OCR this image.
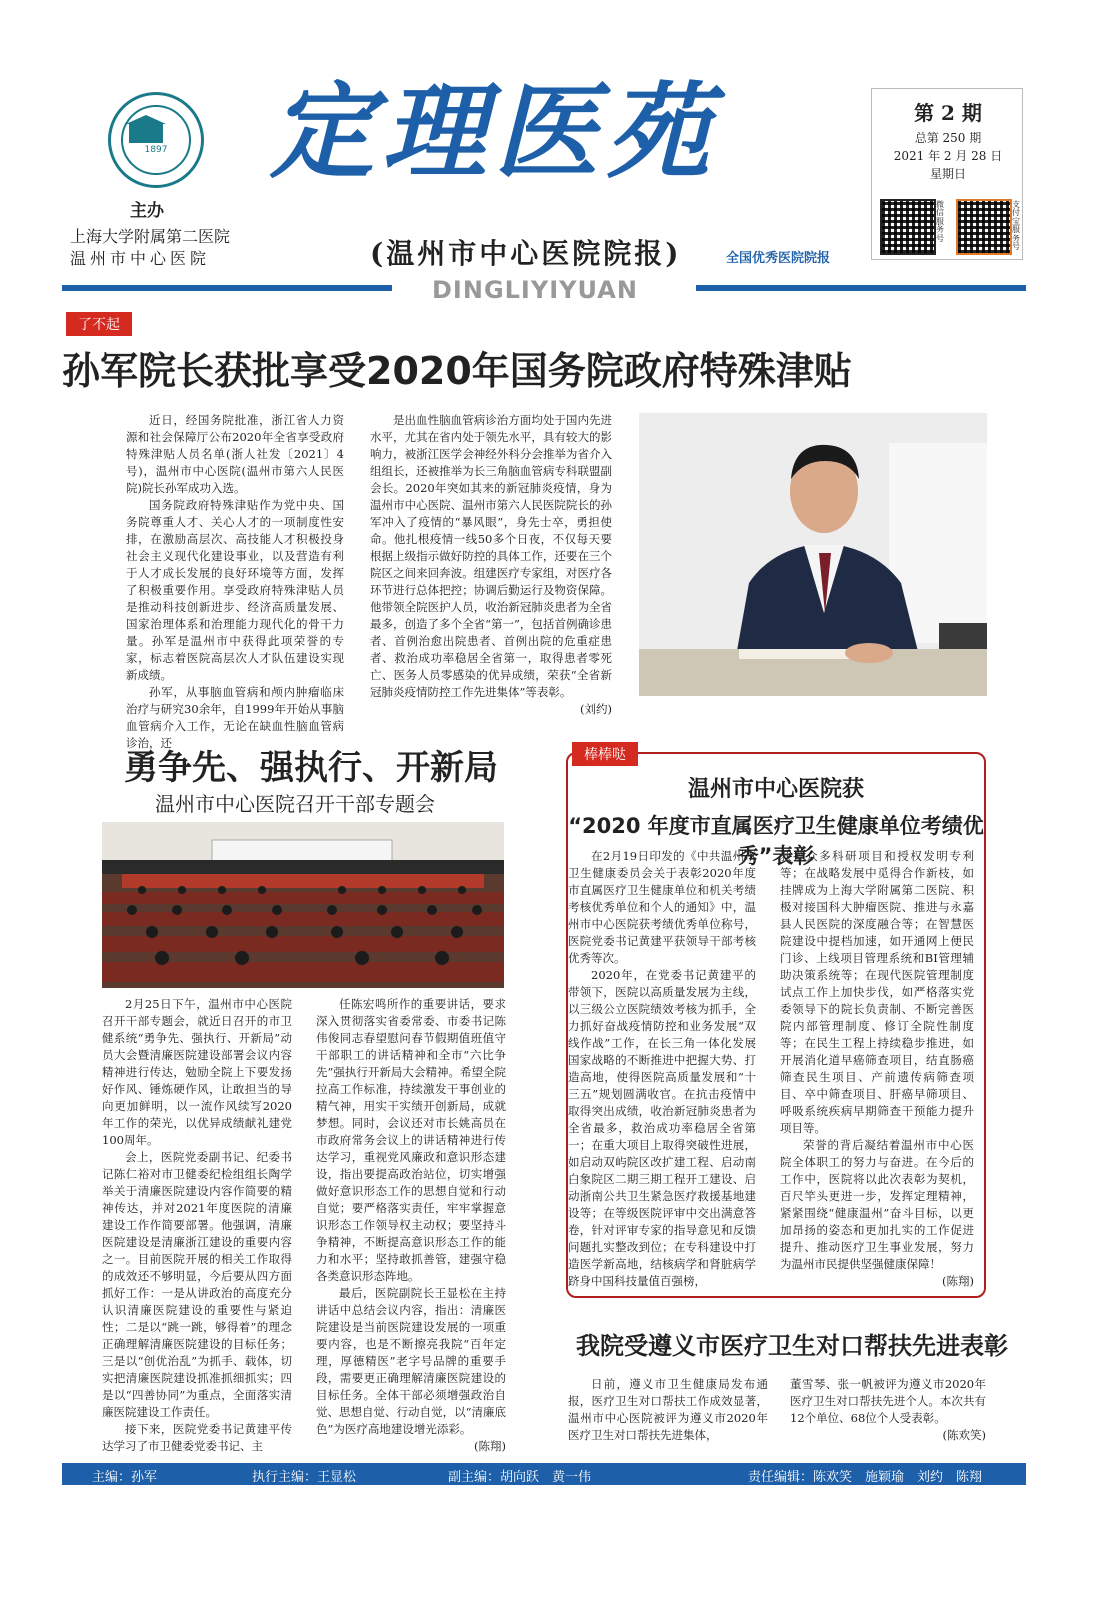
1897
主办
上海大学附属第二医院
温州市中心医院
定理医苑
(温州市中心医院院报)	全国优秀医院院报
DINGLIYIYUAN
第 2 期
总第 250 期
2021 年 2 月 28 日
星期日
微信服务号
支付宝服务号
了不起
孙军院长获批享受2020年国务院政府特殊津贴

近日，经国务院批准，浙江省人力资源和社会保障厅公布2020年全省享受政府特殊津贴人员名单(浙人社发〔2021〕4号)，温州市中心医院(温州市第六人民医院)院长孙军成功入选。

国务院政府特殊津贴作为党中央、国务院尊重人才、关心人才的一项制度性安排，在激励高层次、高技能人才积极投身社会主义现代化建设事业，以及营造有利于人才成长发展的良好环境等方面，发挥了积极重要作用。享受政府特殊津贴人员是推动科技创新进步、经济高质量发展、国家治理体系和治理能力现代化的骨干力量。孙军是温州市中获得此项荣誉的专家，标志着医院高层次人才队伍建设实现新成绩。

孙军，从事脑血管病和颅内肿瘤临床治疗与研究30余年，自1999年开始从事脑血管病介入工作，无论在缺血性脑血管病诊治，还

是出血性脑血管病诊治方面均处于国内先进水平，尤其在省内处于领先水平，具有较大的影响力，被浙江医学会神经外科分会推举为省介入组组长，还被推举为长三角脑血管病专科联盟副会长。2020年突如其来的新冠肺炎疫情，身为温州市中心医院、温州市第六人民医院院长的孙军冲入了疫情的“暴风眼”，身先士卒，勇担使命。他扎根疫情一线50多个日夜，不仅每天要根据上级指示做好防控的具体工作，还要在三个院区之间来回奔波。组建医疗专家组，对医疗各环节进行总体把控；协调后勤运行及物资保障。他带领全院医护人员，收治新冠肺炎患者为全省最多，创造了多个全省“第一”，包括首例确诊患者、首例治愈出院患者、首例出院的危重症患者、救治成功率稳居全省第一，取得患者零死亡、医务人员零感染的优异成绩，荣获“全省新冠肺炎疫情防控工作先进集体”等表彰。

(刘约)
勇争先、强执行、开新局
温州市中心医院召开干部专题会

2月25日下午，温州市中心医院召开干部专题会，就近日召开的市卫健系统“勇争先、强执行、开新局”动员大会暨清廉医院建设部署会议内容精神进行传达，勉励全院上下要发扬好作风、锤炼硬作风，让敢担当的导向更加鲜明，以一流作风续写2020年工作的荣光，以优异成绩献礼建党100周年。

会上，医院党委副书记、纪委书记陈仁裕对市卫健委纪检组组长陶学举关于清廉医院建设内容作简要的精神传达，并对2021年度医院的清廉建设工作作简要部署。他强调，清廉医院建设是清廉浙江建设的重要内容之一。目前医院开展的相关工作取得的成效还不够明显，今后要从四方面抓好工作：一是从讲政治的高度充分认识清廉医院建设的重要性与紧迫性；二是以“跳一跳，够得着”的理念正确理解清廉医院建设的目标任务；三是以“创优治乱”为抓手、载体，切实把清廉医院建设抓准抓细抓实；四是以“四善协同”为重点，全面落实清廉医院建设工作责任。

接下来，医院党委书记黄建平传达学习了市卫健委党委书记、主

任陈宏鸣所作的重要讲话，要求深入贯彻落实省委常委、市委书记陈伟俊同志春望慰问春节假期值班值守干部职工的讲话精神和全市“六比争先”强执行开新局大会精神。希望全院拉高工作标准，持续激发干事创业的精气神，用实干实绩开创新局，成就梦想。同时，会议还对市长姚高员在市政府常务会议上的讲话精神进行传达学习，重视党风廉政和意识形态建设，指出要提高政治站位，切实增强做好意识形态工作的思想自觉和行动自觉；要严格落实责任，牢牢掌握意识形态工作领导权主动权；要坚持斗争精神，不断提高意识形态工作的能力和水平；坚持敢抓善管，建强守稳各类意识形态阵地。

最后，医院副院长王显松在主持讲话中总结会议内容，指出：清廉医院建设是当前医院建设发展的一项重要内容，也是不断擦亮我院“百年定理，厚德精医”老字号品牌的重要手段，需要更正确理解清廉医院建设的目标任务。全体干部必须增强政治自觉、思想自觉、行动自觉，以“清廉底色”为医疗高地建设增光添彩。

(陈翔)
棒棒哒
温州市中心医院获
“2020 年度市直属医疗卫生健康单位考绩优秀”表彰

在2月19日印发的《中共温州市卫生健康委员会关于表彰2020年度市直属医疗卫生健康单位和机关考绩考核优秀单位和个人的通知》中，温州市中心医院获考绩优秀单位称号，医院党委书记黄建平获领导干部考核优秀等次。

2020年，在党委书记黄建平的带领下，医院以高质量发展为主线，以三级公立医院绩效考核为抓手，全力抓好奋战疫情防控和业务发展“双线作战”工作，在长三角一体化发展国家战略的不断推进中把握大势、打造高地，使得医院高质量发展和“十三五”规划圆满收官。在抗击疫情中取得突出成绩，收治新冠肺炎患者为全省最多，救治成功率稳居全省第一；在重大项目上取得突破性进展，如启动双屿院区改扩建工程、启动南白象院区二期三期工程开工建设、启动浙南公共卫生紧急医疗救援基地建设等；在等级医院评审中交出满意答卷，针对评审专家的指导意见和反馈问题扎实整改到位；在专科建设中打造医学新高地，结核病学和肾脏病学跻身中国科技量值百强榜，

获批众多科研项目和授权发明专利等；在战略发展中觅得合作新枝，如挂牌成为上海大学附属第二医院、积极对接国科大肿瘤医院、推进与永嘉县人民医院的深度融合等；在智慧医院建设中提档加速，如开通网上便民门诊、上线项目管理系统和BI管理辅助决策系统等；在现代医院管理制度试点工作上加快步伐，如严格落实党委领导下的院长负责制、不断完善医院内部管理制度、修订全院性制度等；在民生工程上持续稳步推进，如开展消化道早癌筛查项目，结直肠癌筛查民生项目、产前遗传病筛查项目、卒中筛查项目、肝癌早筛项目、呼吸系统疾病早期筛查干预能力提升项目等。

荣誉的背后凝结着温州市中心医院全体职工的努力与奋进。在今后的工作中，医院将以此次表彰为契机，百尺竿头更进一步，发挥定理精神，紧紧围绕“健康温州”奋斗目标，以更加昂扬的姿态和更加扎实的工作促进提升、推动医疗卫生事业发展，努力为温州市民提供坚强健康保障！

(陈翔)
我院受遵义市医疗卫生对口帮扶先进表彰

日前，遵义市卫生健康局发布通报，医疗卫生对口帮扶工作成效显著，温州市中心医院被评为遵义市2020年医疗卫生对口帮扶先进集体，

董雪琴、张一帆被评为遵义市2020年医疗卫生对口帮扶先进个人。本次共有12个单位、68位个人受表彰。

(陈欢笑)
主编：孙军	执行主编：王显松	副主编：胡向跃　黄一伟	责任编辑：陈欢笑　施颖瑜　刘约　陈翔
